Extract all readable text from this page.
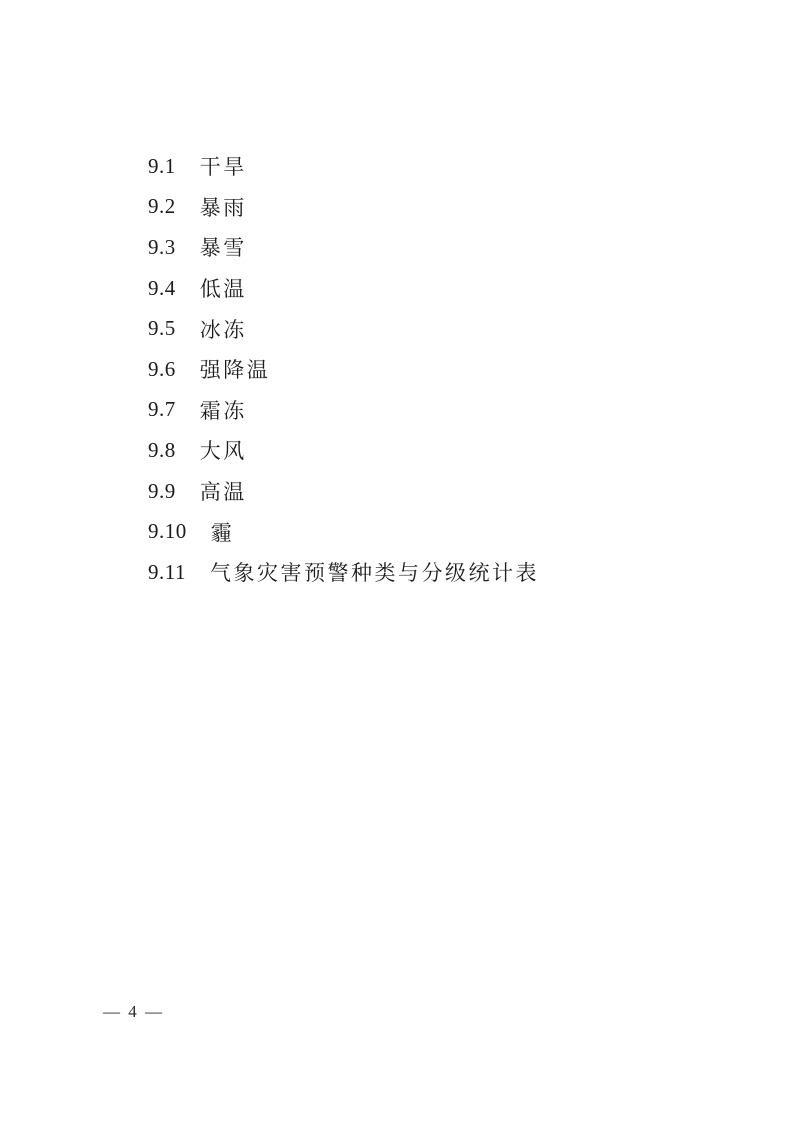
9.1 干旱
9.2 暴雨
9.3 暴雪
9.4 低温
9.5 冰冻
9.6 强降温
9.7 霜冻
9.8 大风
9.9 高温
9.10 霾
9.11 气象灾害预警种类与分级统计表
— 4 —
